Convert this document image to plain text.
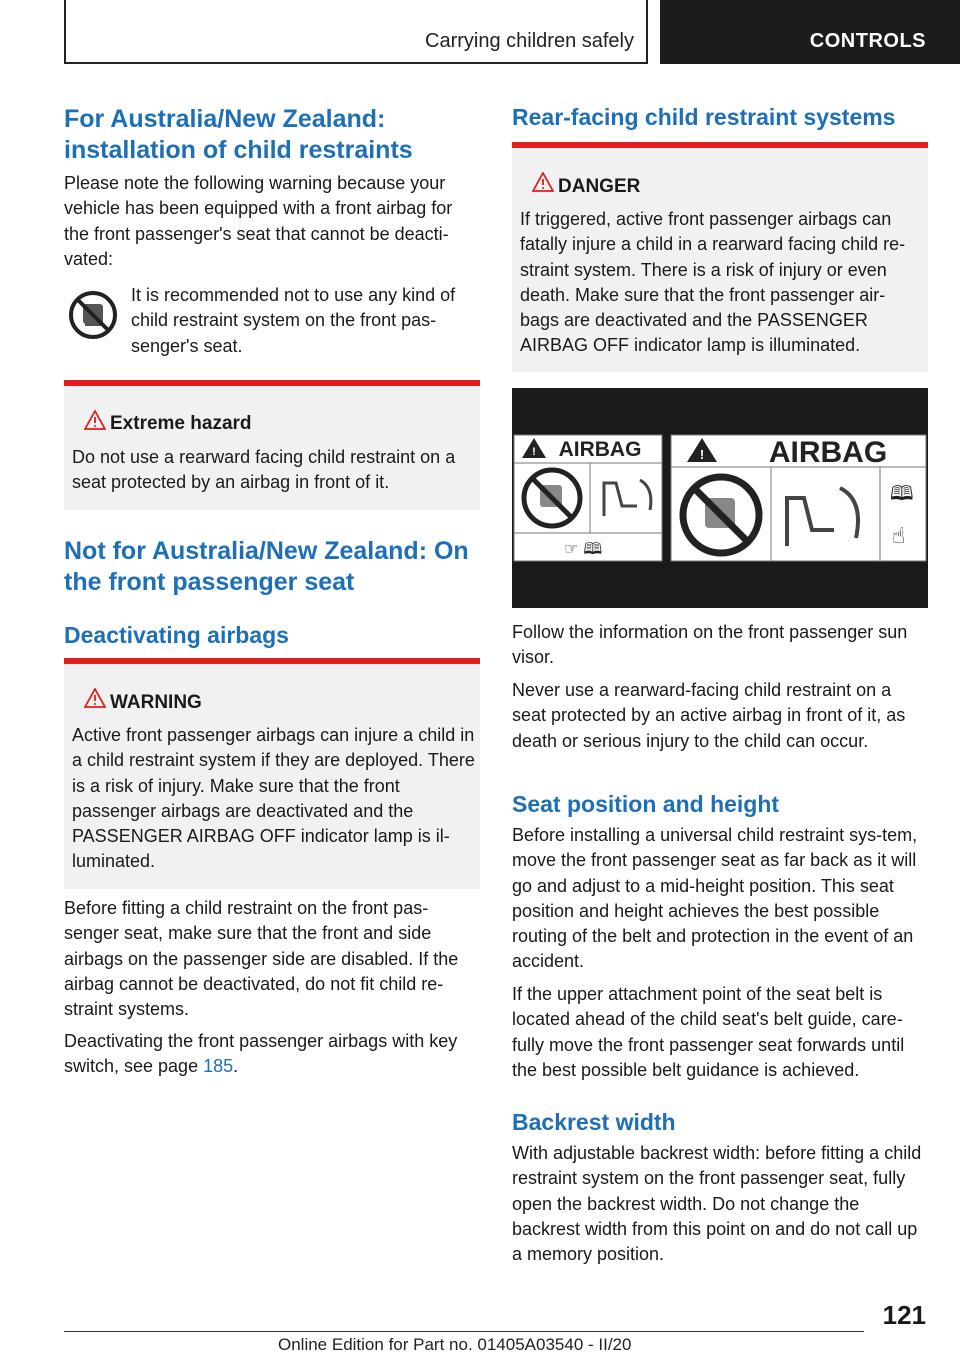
Carrying children safely	CONTROLS
For Australia/New Zealand: installation of child restraints
Please note the following warning because your vehicle has been equipped with a front airbag for the front passenger's seat that cannot be deacti-vated:
It is recommended not to use any kind of child restraint system on the front pas-senger's seat.
Extreme hazard
Do not use a rearward facing child restraint on a seat protected by an airbag in front of it.
Not for Australia/New Zealand: On the front passenger seat
Deactivating airbags
WARNING
Active front passenger airbags can injure a child in a child restraint system if they are deployed. There is a risk of injury. Make sure that the front passenger airbags are deactivated and the PASSENGER AIRBAG OFF indicator lamp is il-luminated.
Before fitting a child restraint on the front pas-senger seat, make sure that the front and side airbags on the passenger side are disabled. If the airbag cannot be deactivated, do not fit child re-straint systems.
Deactivating the front passenger airbags with key switch, see page 185.
Rear-facing child restraint systems
DANGER
If triggered, active front passenger airbags can fatally injure a child in a rearward facing child re-straint system. There is a risk of injury or even death. Make sure that the front passenger air-bags are deactivated and the PASSENGER AIRBAG OFF indicator lamp is illuminated.
! AIRBAG
☞ 🕮
! AIRBAG
🕮
☝
Follow the information on the front passenger sun visor.
Never use a rearward-facing child restraint on a seat protected by an active airbag in front of it, as death or serious injury to the child can occur.
Seat position and height
Before installing a universal child restraint sys-tem, move the front passenger seat as far back as it will go and adjust to a mid-height position. This seat position and height achieves the best possible routing of the belt and protection in the event of an accident.
If the upper attachment point of the seat belt is located ahead of the child seat's belt guide, care-fully move the front passenger seat forwards until the best possible belt guidance is achieved.
Backrest width
With adjustable backrest width: before fitting a child restraint system on the front passenger seat, fully open the backrest width. Do not change the backrest width from this point on and do not call up a memory position.
121
Online Edition for Part no. 01405A03540 - II/20
